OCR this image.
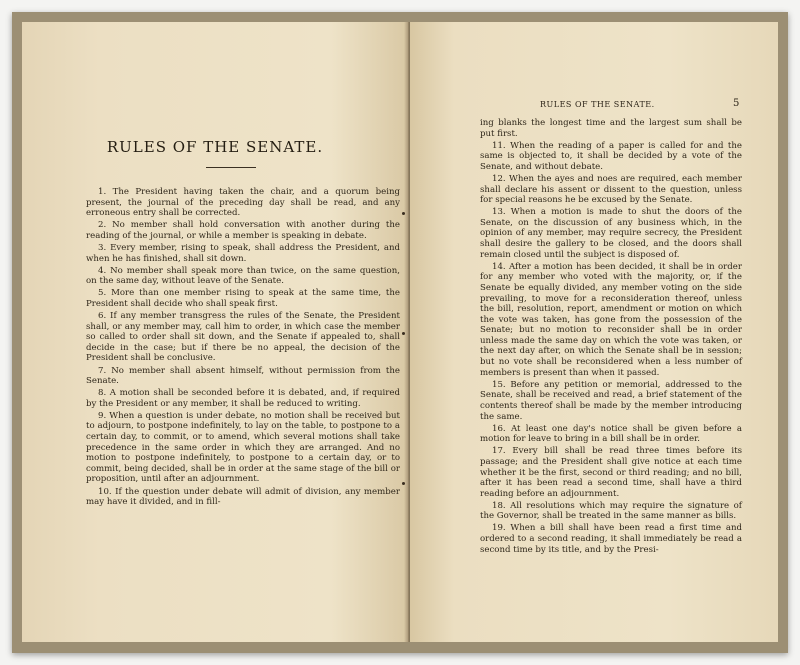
RULES OF THE SENATE.

1. The President having taken the chair, and a quorum being present, the journal of the preceding day shall be read, and any erroneous entry shall be corrected.

2. No member shall hold conversation with another during the reading of the journal, or while a member is speaking in debate.

3. Every member, rising to speak, shall address the President, and when he has finished, shall sit down.

4. No member shall speak more than twice, on the same question, on the same day, without leave of the Senate.

5. More than one member rising to speak at the same time, the President shall decide who shall speak first.

6. If any member transgress the rules of the Senate, the President shall, or any member may, call him to order, in which case the member so called to order shall sit down, and the Senate if appealed to, shall decide in the case; but if there be no appeal, the decision of the President shall be conclusive.

7. No member shall absent himself, without permission from the Senate.

8. A motion shall be seconded before it is debated, and, if required by the President or any member, it shall be reduced to writing.

9. When a question is under debate, no motion shall be received but to adjourn, to postpone indefinitely, to lay on the table, to postpone to a certain day, to commit, or to amend, which several motions shall take precedence in the same order in which they are arranged. And no motion to postpone indefinitely, to postpone to a certain day, or to commit, being decided, shall be in order at the same stage of the bill or proposition, until after an adjournment.

10. If the question under debate will admit of division, any member may have it divided, and in fill-

RULES OF THE SENATE.	5

ing blanks the longest time and the largest sum shall be put first.

11. When the reading of a paper is called for and the same is objected to, it shall be decided by a vote of the Senate, and without debate.

12. When the ayes and noes are required, each member shall declare his assent or dissent to the question, unless for special reasons he be excused by the Senate.

13. When a motion is made to shut the doors of the Senate, on the discussion of any business which, in the opinion of any member, may require secrecy, the President shall desire the gallery to be closed, and the doors shall remain closed until the subject is disposed of.

14. After a motion has been decided, it shall be in order for any member who voted with the majority, or, if the Senate be equally divided, any member voting on the side prevailing, to move for a reconsideration thereof, unless the bill, resolution, report, amendment or motion on which the vote was taken, has gone from the possession of the Senate; but no motion to reconsider shall be in order unless made the same day on which the vote was taken, or the next day after, on which the Senate shall be in session; but no vote shall be reconsidered when a less number of members is present than when it passed.

15. Before any petition or memorial, addressed to the Senate, shall be received and read, a brief statement of the contents thereof shall be made by the member introducing the same.

16. At least one day's notice shall be given before a motion for leave to bring in a bill shall be in order.

17. Every bill shall be read three times before its passage; and the President shall give notice at each time whether it be the first, second or third reading; and no bill, after it has been read a second time, shall have a third reading before an adjournment.

18. All resolutions which may require the signature of the Governor, shall be treated in the same manner as bills.

19. When a bill shall have been read a first time and ordered to a second reading, it shall immediately be read a second time by its title, and by the Presi-
